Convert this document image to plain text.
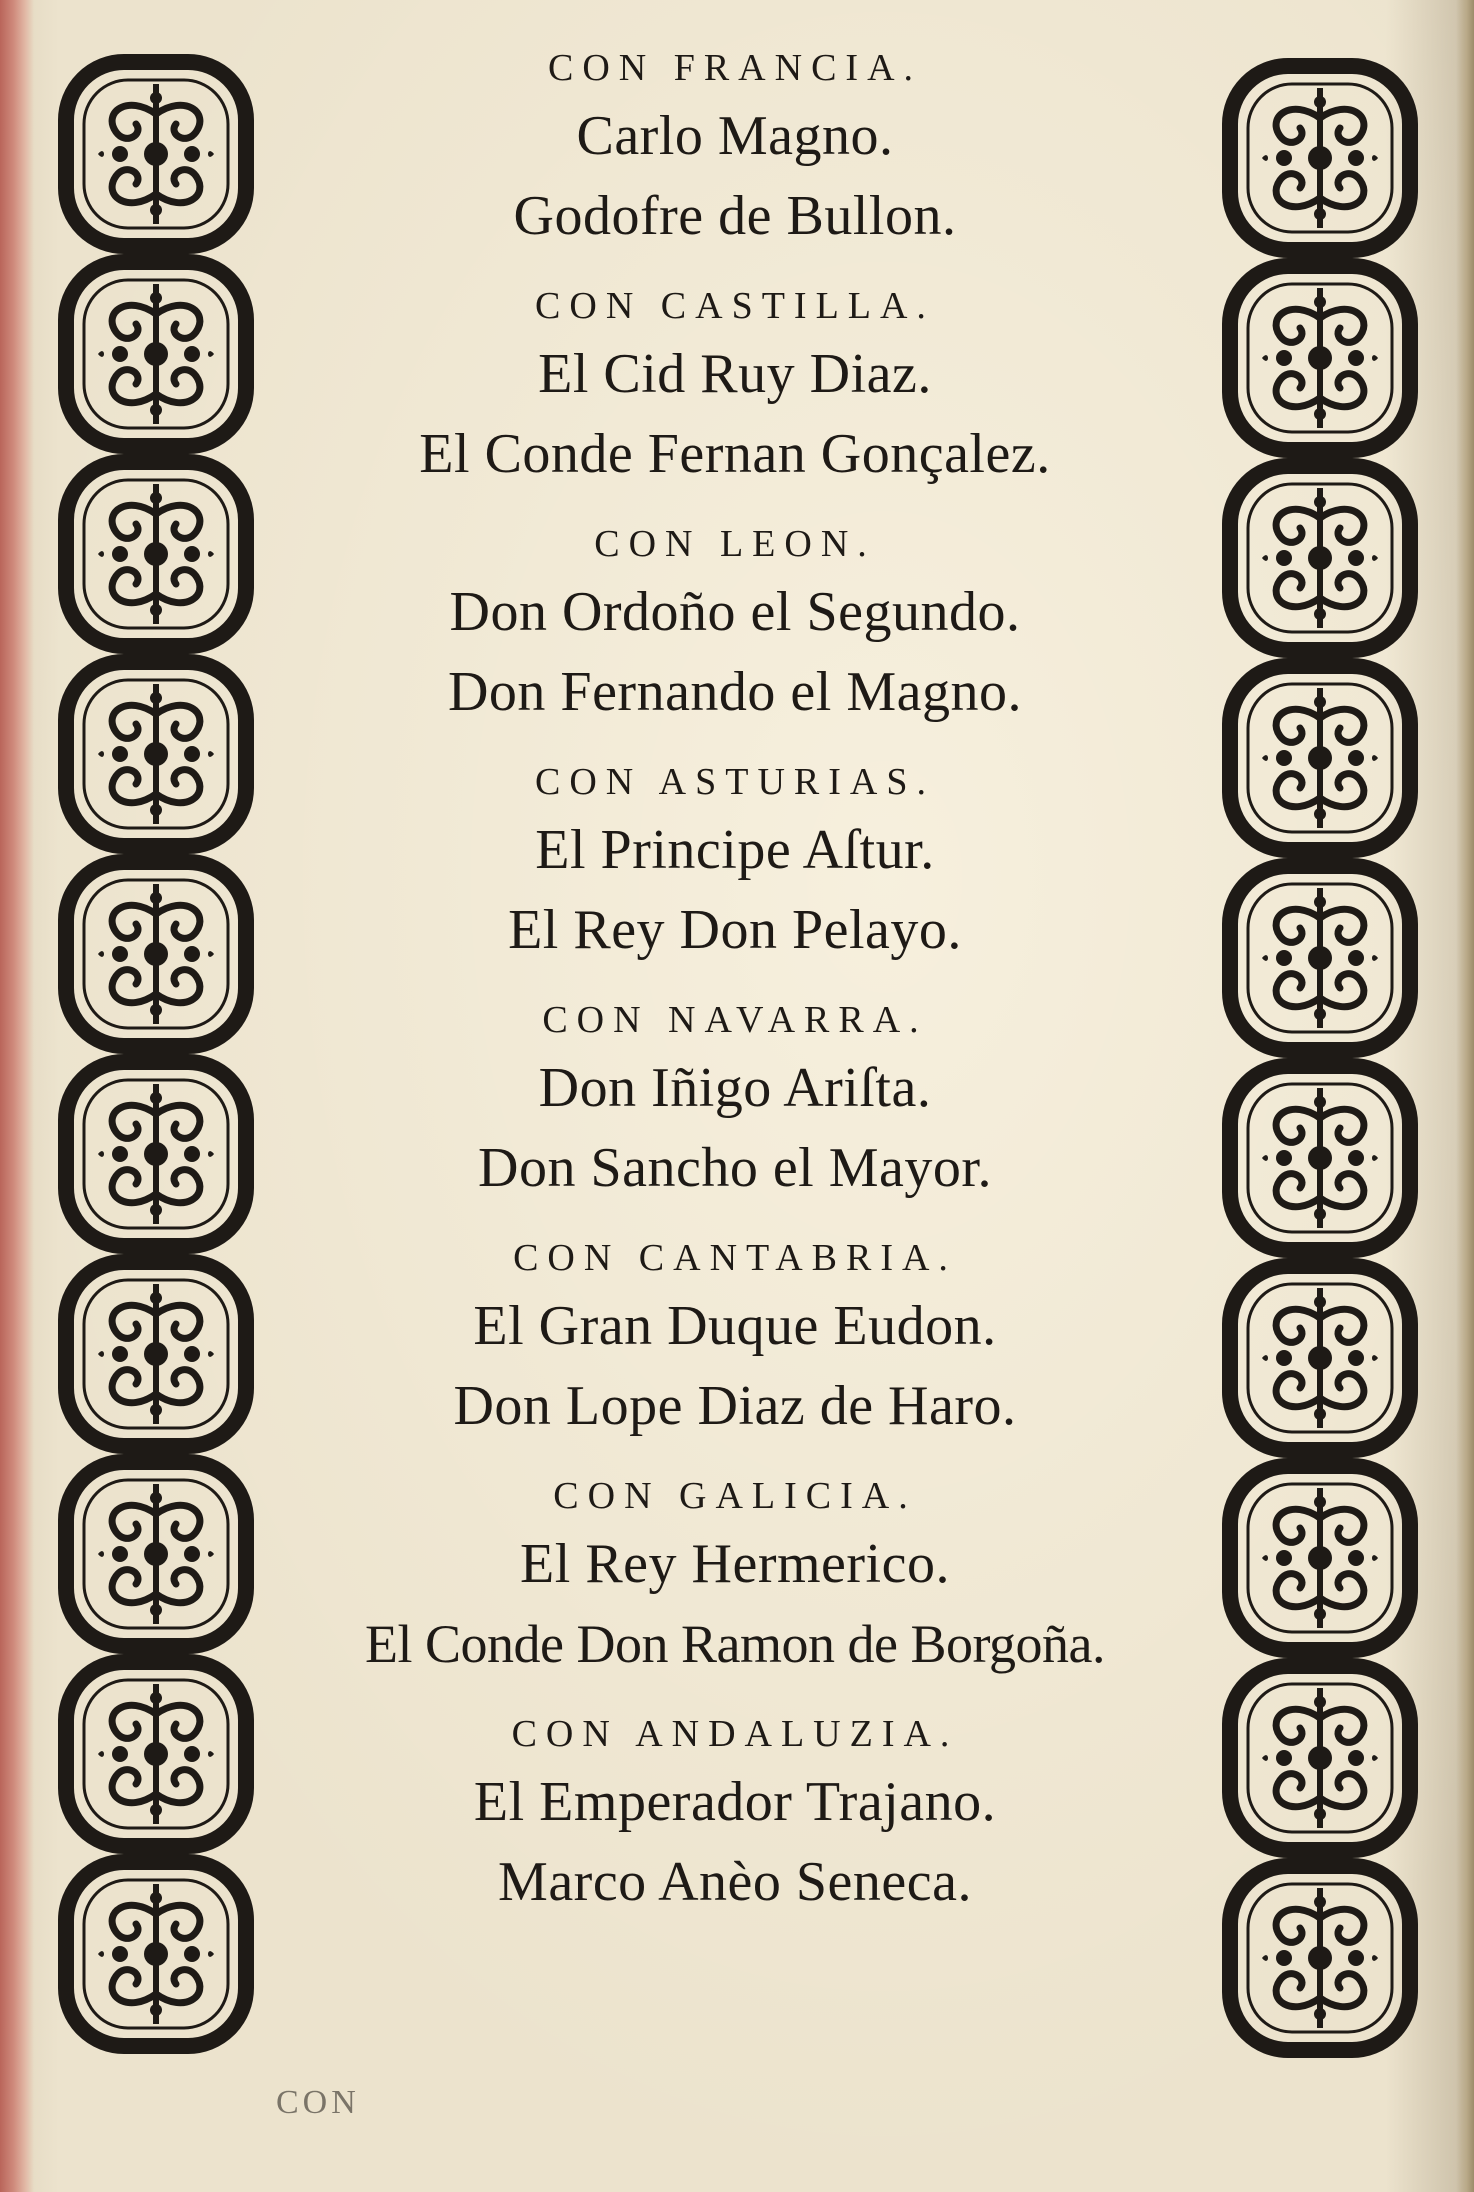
CON FRANCIA.
Carlo Magno.
Godofre de Bullon.
CON CASTILLA.
El Cid Ruy Diaz.
El Conde Fernan Gonçalez.
CON LEON.
Don Ordoño el Segundo.
Don Fernando el Magno.
CON ASTURIAS.
El Principe Aſtur.
El Rey Don Pelayo.
CON NAVARRA.
Don Iñigo Ariſta.
Don Sancho el Mayor.
CON CANTABRIA.
El Gran Duque Eudon.
Don Lope Diaz de Haro.
CON GALICIA.
El Rey Hermerico.
El Conde Don Ramon de Borgoña.
CON ANDALUZIA.
El Emperador Trajano.
Marco Anèo Seneca.
CON
